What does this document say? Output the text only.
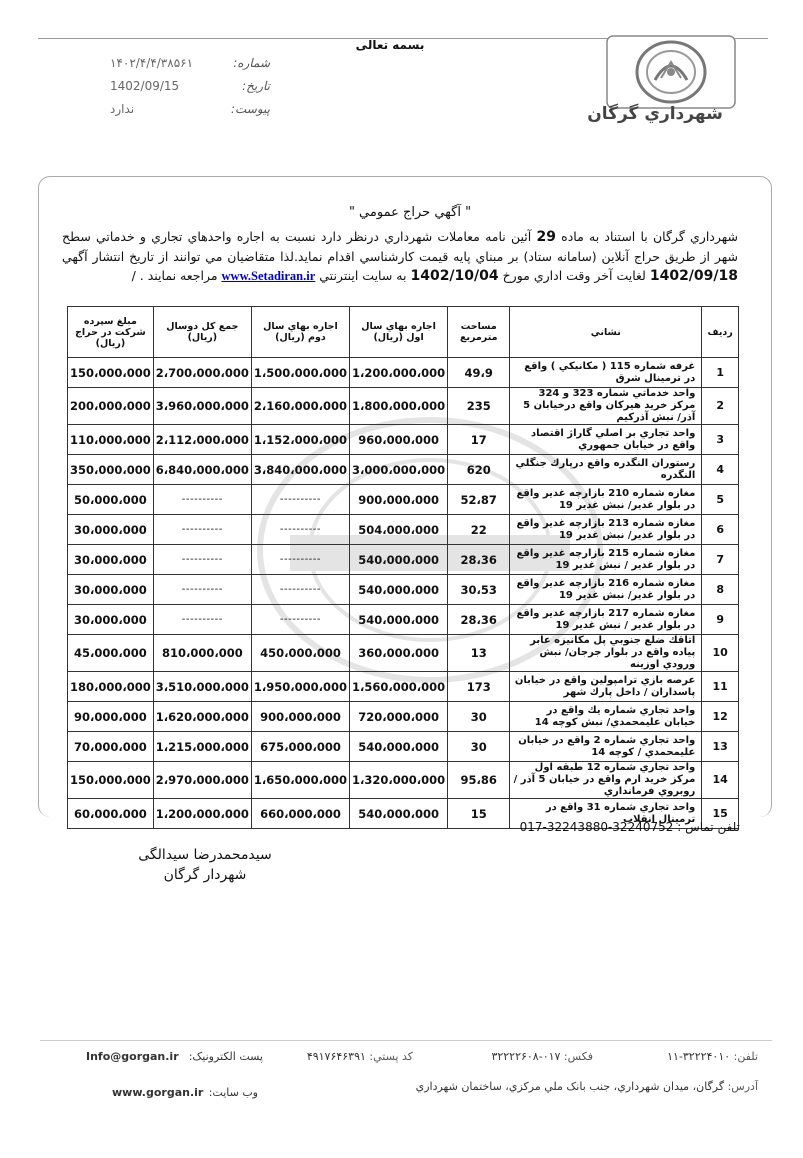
بسمه تعالی
شهرداري گرگان
شماره:
۱۴۰۲/۴/۴/۳۸۵۶۱
تاریخ:
1402/09/15
پیوست:
ندارد
" آگهي حراج عمومي "
شهرداري گرگان با استناد به ماده 29 آئين نامه معاملات شهرداري درنظر دارد نسبت به اجاره واحدهاي تجاري و خدماتي سطح شهر از طريق حراج آنلاين (سامانه ستاد) بر مبناي پايه قيمت كارشناسي اقدام نمايد.لذا متقاضيان مي توانند از تاريخ انتشار آگهي 1402/09/18 لغايت آخر وقت اداري مورخ 1402/10/04 به سايت اينترنتي www.Setadiran.ir مراجعه نمايند . /
رديف	نشاني	مساحت مترمربع	اجاره بهاي سال اول (ريال)	اجاره بهاي سال دوم (ريال)	جمع كل دوسال (ريال)	مبلغ سپرده شركت در حراج (ريال)
1	غرفه شماره 115 ( مكانيكي ) واقع در ترمينال شرق	49،9	1،200،000،000	1،500،000،000	2،700،000،000	150،000،000
2	واحد خدماتي شماره 323 و 324 مركز خريد هيركان واقع درخيابان 5 آذر/ نبش آذركيم	235	1،800،000،000	2،160،000،000	3،960،000،000	200،000،000
3	واحد تجاري بر اصلي گاراژ اقتصاد واقع در خيابان جمهوري	17	960،000،000	1،152،000،000	2،112،000،000	110،000،000
4	رستوران النگدره واقع درپارك جنگلي النگدره	620	3،000،000،000	3،840،000،000	6،840،000،000	350،000،000
5	مغازه شماره 210 بازارچه غدير واقع در بلوار غدير/ نبش غدير 19	52،87	900،000،000	----------	----------	50،000،000
6	مغازه شماره 213 بازارچه غدير واقع در بلوار غدير/ نبش غدير 19	22	504،000،000	----------	----------	30،000،000
7	مغازه شماره 215 بازارچه غدير واقع در بلوار غدير / نبش غدير 19	28،36	540،000،000	----------	----------	30،000،000
8	مغازه شماره 216 بازارچه غدير واقع در بلوار غدير/ نبش غدير 19	30،53	540،000،000	----------	----------	30،000،000
9	مغازه شماره 217 بازارچه غدير واقع در بلوار غدير / نبش غدير 19	28،36	540،000،000	----------	----------	30،000،000
10	اتاقك ضلع جنوبي پل مكانيزه عابر پياده واقع در بلوار جرجان/ نبش ورودي اوزينه	13	360،000،000	450،000،000	810،000،000	45،000،000
11	عرصه بازي ترامپولين واقع در خيابان پاسداران / داخل پارك شهر	173	1،560،000،000	1،950،000،000	3،510،000،000	180،000،000
12	واحد تجاري شماره يك واقع در خيابان عليمحمدي/ نبش كوچه 14	30	720،000،000	900،000،000	1،620،000،000	90،000،000
13	واحد تجاري شماره 2 واقع در خيابان عليمحمدي / كوچه 14	30	540،000،000	675،000،000	1،215،000،000	70،000،000
14	واحد تجاري شماره 12 طبقه اول مركز خريد ارم واقع در خيابان 5 آذر / روبروي فرمانداري	95،86	1،320،000،000	1،650،000،000	2،970،000،000	150،000،000
15	واحد تجاري شماره 31 واقع در ترمينال انقلاب	15	540،000،000	660،000،000	1،200،000،000	60،000،000
تلفن تماس : 017-32243880-32240752
سیدمحمدرضا سیدالگی
شهردار گرگان
تلفن: ۳۲۲۲۴۰۱۰-۱۱
فكس: ۰۱۷-۳۲۲۲۲۶۰۸
كد پستي: ۴۹۱۷۶۴۶۳۹۱
پست الكترونيک:
Info@gorgan.ir
آدرس: گرگان، ميدان شهرداري، جنب بانک ملي مركزي، ساختمان شهرداري
وب سايت:
www.gorgan.ir
